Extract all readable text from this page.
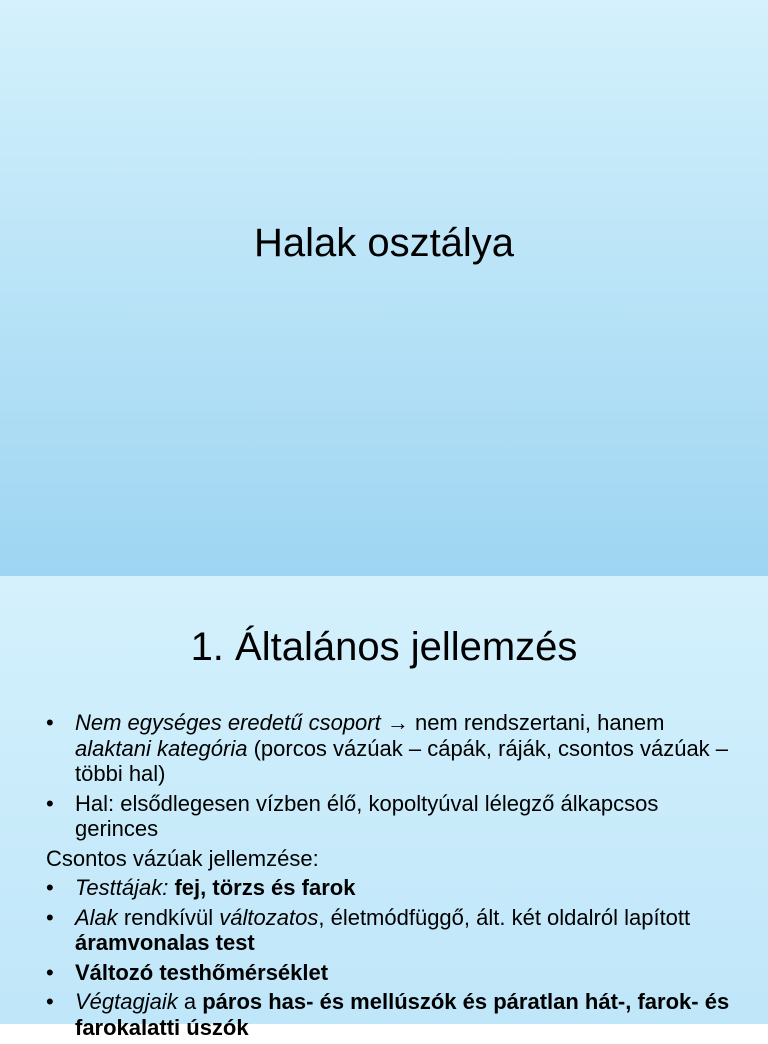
Halak osztálya
1. Általános jellemzés
• Nem egységes eredetű csoport → nem rendszertani, hanem alaktani kategória (porcos vázúak – cápák, ráják, csontos vázúak – többi hal)
• Hal: elsődlegesen vízben élő, kopoltyúval lélegző álkapcsos gerinces
Csontos vázúak jellemzése:
• Testtájak: fej, törzs és farok
• Alak rendkívül változatos, életmódfüggő, ált. két oldalról lapított áramvonalas test
• Változó testhőmérséklet
• Végtagjaik a páros has- és mellúszók és páratlan hát-, farok- és farokalatti úszók
